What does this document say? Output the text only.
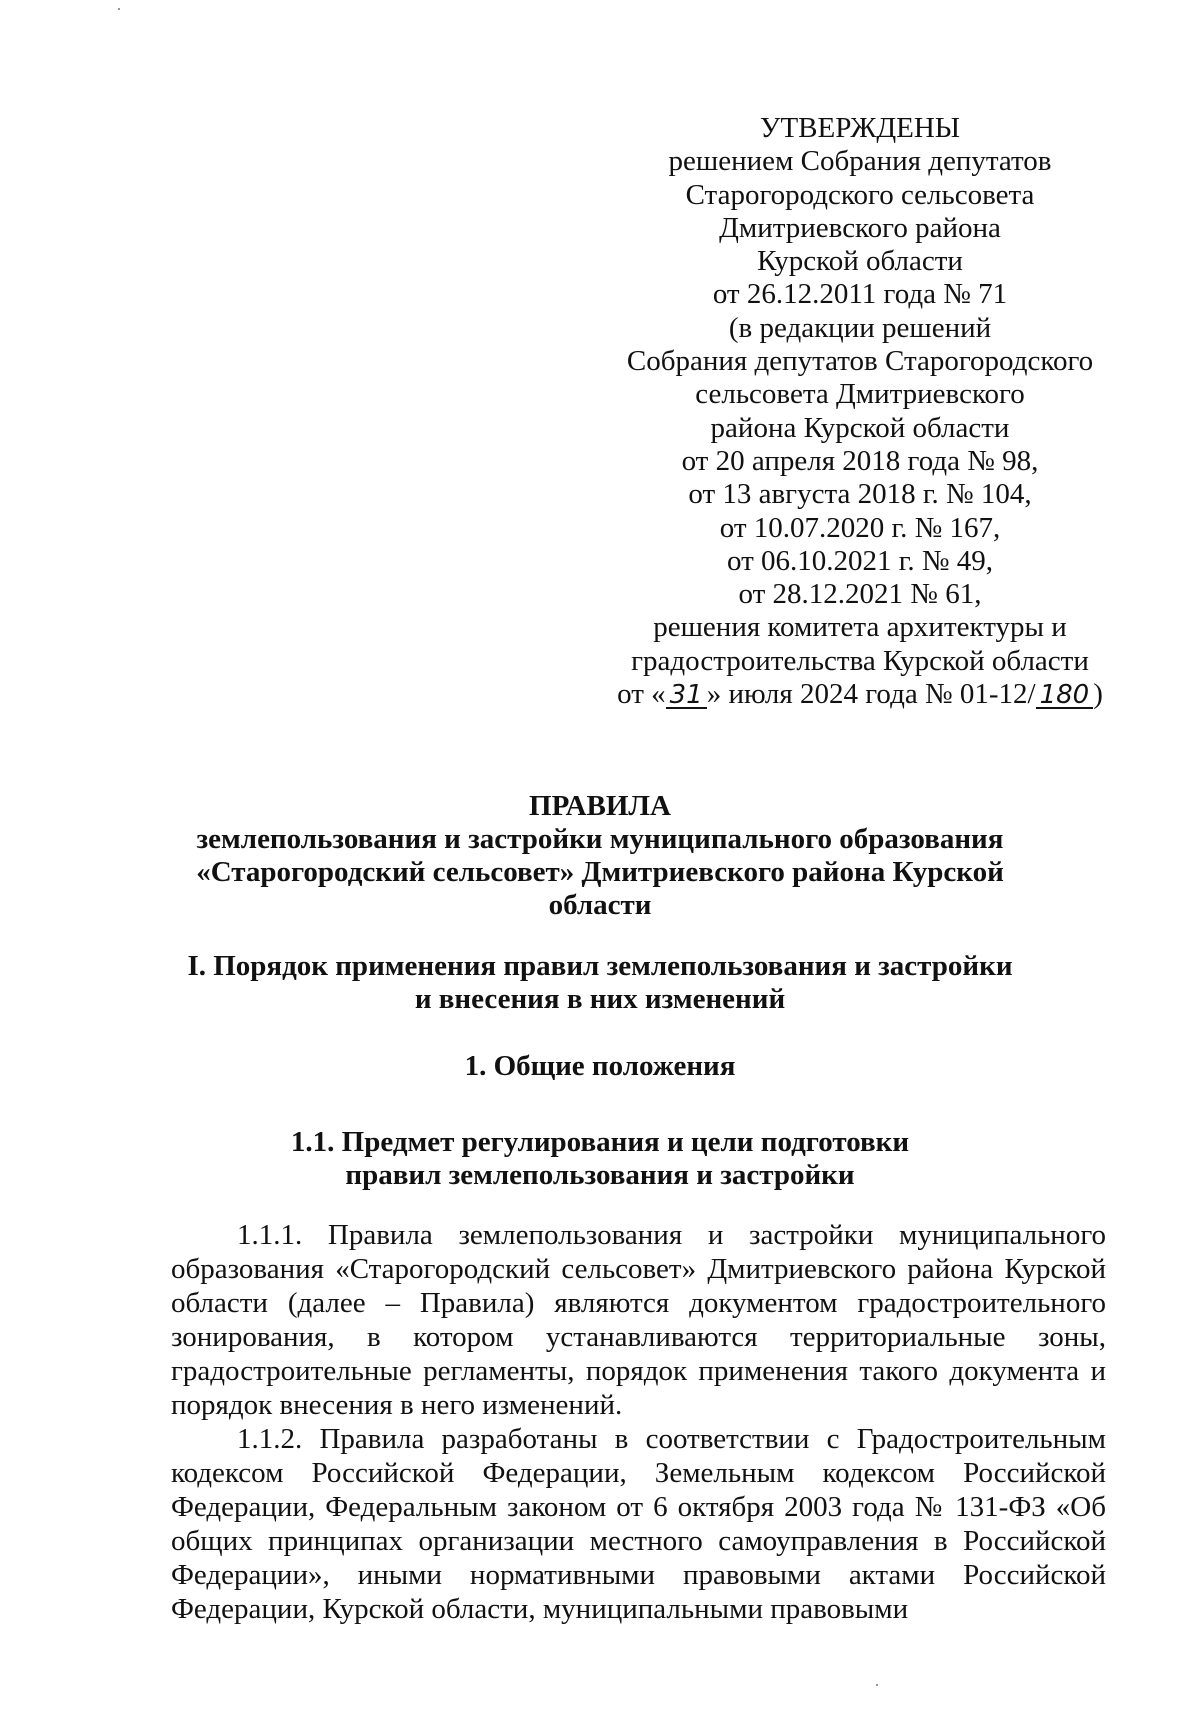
УТВЕРЖДЕНЫ
решением Собрания депутатов
Старогородского сельсовета
Дмитриевского района
Курской области
от 26.12.2011 года № 71
(в редакции решений
Собрания депутатов Старогородского
сельсовета Дмитриевского
района Курской области
от 20 апреля 2018 года № 98,
от 13 августа 2018 г. № 104,
от 10.07.2020 г. № 167,
от 06.10.2021 г. № 49,
от 28.12.2021 № 61,
решения комитета архитектуры и
градостроительства Курской области
от « 31 » июля 2024 года № 01-12/ 180 )
ПРАВИЛА
землепользования и застройки муниципального образования
«Старогородский сельсовет» Дмитриевского района Курской области
I. Порядок применения правил землепользования и застройки
и внесения в них изменений
1. Общие положения
1.1. Предмет регулирования и цели подготовки
правил землепользования и застройки

1.1.1. Правила землепользования и застройки муниципального образования «Старогородский сельсовет» Дмитриевского района Курской области (далее – Правила) являются документом градостроительного зонирования, в котором устанавливаются территориальные зоны, градостроительные регламенты, порядок применения такого документа и порядок внесения в него изменений.

1.1.2. Правила разработаны в соответствии с Градостроительным кодексом Российской Федерации, Земельным кодексом Российской Федерации, Федеральным законом от 6 октября 2003 года № 131-ФЗ «Об общих принципах организации местного самоуправления в Российской Федерации», иными нормативными правовыми актами Российской Федерации, Курской области, муниципальными правовыми
